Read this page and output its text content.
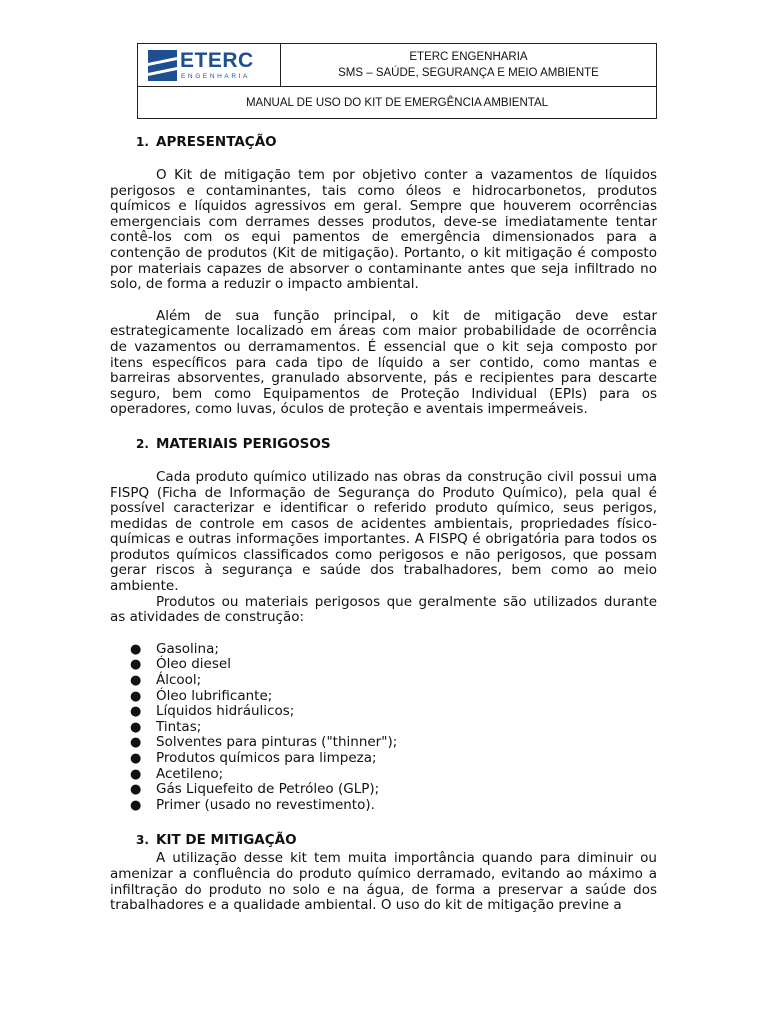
ETERC
ENGENHARIA
ETERC ENGENHARIA
SMS – SAÚDE, SEGURANÇA E MEIO AMBIENTE
MANUAL DE USO DO KIT DE EMERGÊNCIA AMBIENTAL
1. APRESENTAÇÃO

O Kit de mitigação tem por objetivo conter a vazamentos de líquidos perigosos e contaminantes, tais como óleos e hidrocarbonetos, produtos químicos e líquidos agressivos em geral. Sempre que houverem ocorrências emergenciais com derrames desses produtos, deve-se imediatamente tentar contê-los com os equi pamentos de emergência dimensionados para a contenção de produtos (Kit de mitigação). Portanto, o kit mitigação é composto por materiais capazes de absorver o contaminante antes que seja infiltrado no solo, de forma a reduzir o impacto ambiental.

Além de sua função principal, o kit de mitigação deve estar estrategicamente localizado em áreas com maior probabilidade de ocorrência de vazamentos ou derramamentos. É essencial que o kit seja composto por itens específicos para cada tipo de líquido a ser contido, como mantas e barreiras absorventes, granulado absorvente, pás e recipientes para descarte seguro, bem como Equipamentos de Proteção Individual (EPIs) para os operadores, como luvas, óculos de proteção e aventais impermeáveis.

2. MATERIAIS PERIGOSOS

Cada produto químico utilizado nas obras da construção civil possui uma FISPQ (Ficha de Informação de Segurança do Produto Químico), pela qual é possível caracterizar e identificar o referido produto químico, seus perigos, medidas de controle em casos de acidentes ambientais, propriedades físico-químicas e outras informações importantes. A FISPQ é obrigatória para todos os produtos químicos classificados como perigosos e não perigosos, que possam gerar riscos à segurança e saúde dos trabalhadores, bem como ao meio ambiente.

Produtos ou materiais perigosos que geralmente são utilizados durante as atividades de construção:

● Gasolina;
● Óleo diesel
● Álcool;
● Óleo lubrificante;
● Líquidos hidráulicos;
● Tintas;
● Solventes para pinturas ("thinner");
● Produtos químicos para limpeza;
● Acetileno;
● Gás Liquefeito de Petróleo (GLP);
● Primer (usado no revestimento).
3. KIT DE MITIGAÇÃO

A utilização desse kit tem muita importância quando para diminuir ou amenizar a confluência do produto químico derramado, evitando ao máximo a infiltração do produto no solo e na água, de forma a preservar a saúde dos trabalhadores e a qualidade ambiental. O uso do kit de mitigação previne a
